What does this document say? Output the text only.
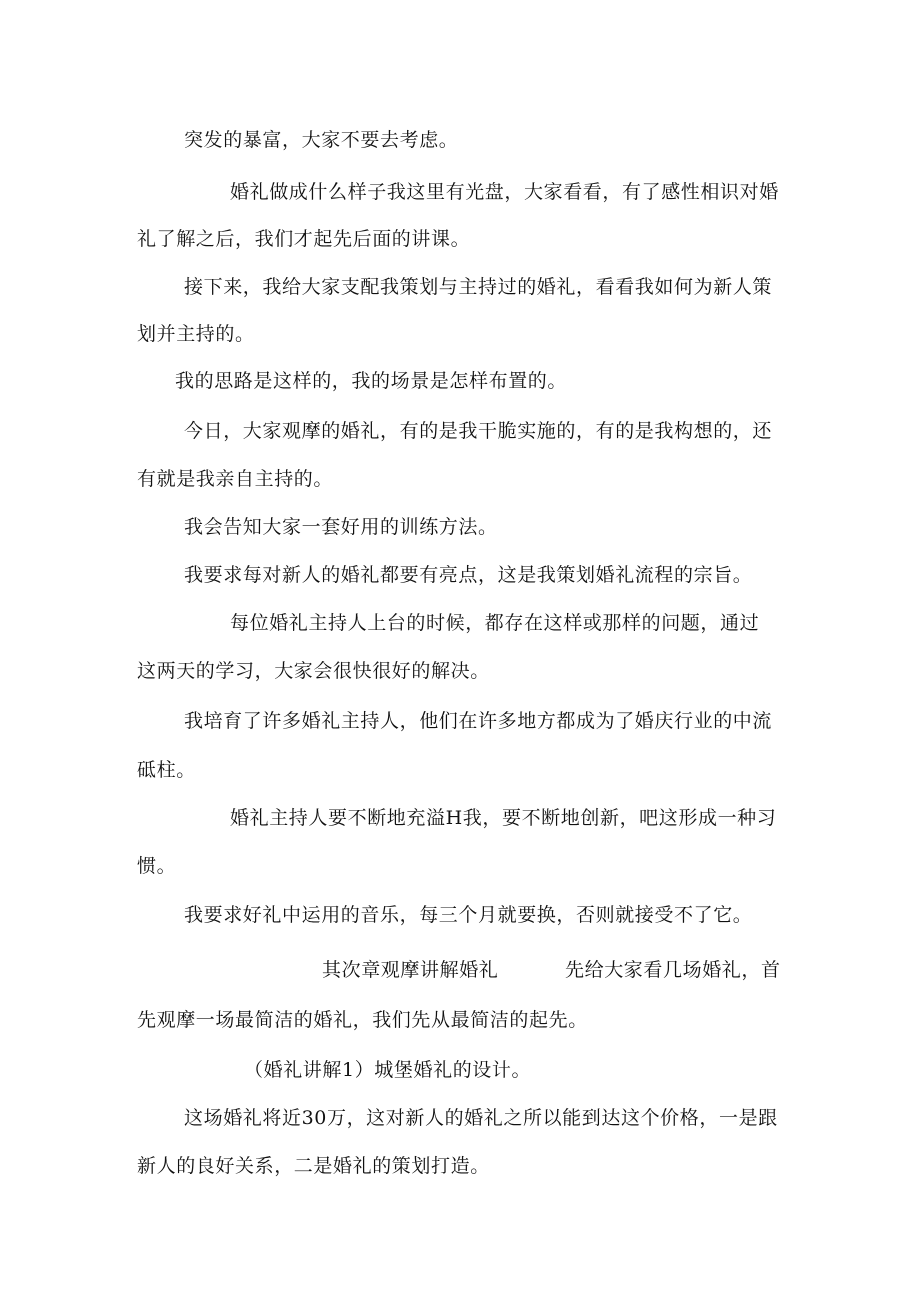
突发的暴富，大家不要去考虑。
婚礼做成什么样子我这里有光盘，大家看看，有了感性相识对婚
礼了解之后，我们才起先后面的讲课。
接下来，我给大家支配我策划与主持过的婚礼，看看我如何为新人策
划并主持的。
我的思路是这样的，我的场景是怎样布置的。
今日，大家观摩的婚礼，有的是我干脆实施的，有的是我构想的，还
有就是我亲自主持的。
我会告知大家一套好用的训练方法。
我要求每对新人的婚礼都要有亮点，这是我策划婚礼流程的宗旨。
每位婚礼主持人上台的时候，都存在这样或那样的问题，通过
这两天的学习，大家会很快很好的解决。
我培育了许多婚礼主持人，他们在许多地方都成为了婚庆行业的中流
砥柱。
婚礼主持人要不断地充溢H我，要不断地创新，吧这形成一种习
惯。
我要求好礼中运用的音乐，每三个月就要换，否则就接受不了它。
其次章观摩讲解婚礼	先给大家看几场婚礼，首
先观摩一场最简洁的婚礼，我们先从最简洁的起先。
（婚礼讲解1）城堡婚礼的设计。
这场婚礼将近30万，这对新人的婚礼之所以能到达这个价格，一是跟
新人的良好关系，二是婚礼的策划打造。
